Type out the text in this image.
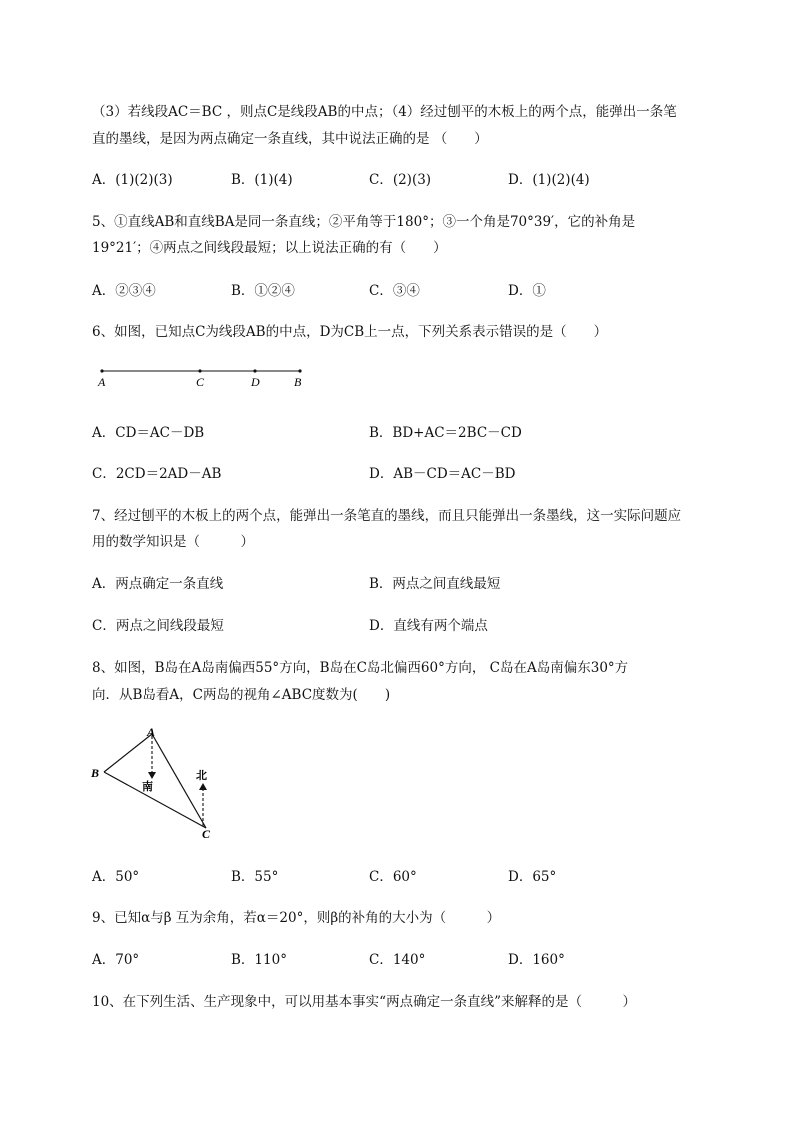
（3）若线段AC＝BC ，则点C是线段AB的中点；（4）经过刨平的木板上的两个点，能弹出一条笔
直的墨线，是因为两点确定一条直线，其中说法正确的是 （　　）
A．(1)(2)(3)	B．(1)(4)	C．(2)(3)	D．(1)(2)(4)
5、①直线AB和直线BA是同一条直线；②平角等于180°；③一个角是70°39′，它的补角是
19°21′；④两点之间线段最短；以上说法正确的有（　　）
A．②③④	B．①②④	C．③④	D．①
6、如图，已知点C为线段AB的中点，D为CB上一点，下列关系表示错误的是（　　）
A	C	D	B
A．CD＝AC－DB	B．BD+AC＝2BC－CD
C．2CD＝2AD－AB	D．AB－CD＝AC－BD
7、经过刨平的木板上的两个点，能弹出一条笔直的墨线，而且只能弹出一条墨线，这一实际问题应
用的数学知识是（　　　）
A．两点确定一条直线	B．两点之间直线最短
C．两点之间线段最短	D．直线有两个端点
8、如图，B岛在A岛南偏西55°方向，B岛在C岛北偏西60°方向， C岛在A岛南偏东30°方
向．从B岛看A，C两岛的视角∠ABC度数为(　　)
A
B
C
南
北
A．50°	B．55°	C．60°	D．65°
9、已知α与β 互为余角，若α＝20°，则β的补角的大小为（　　　）
A．70°	B．110°	C．140°	D．160°
10、在下列生活、生产现象中，可以用基本事实“两点确定一条直线”来解释的是（　　　）
